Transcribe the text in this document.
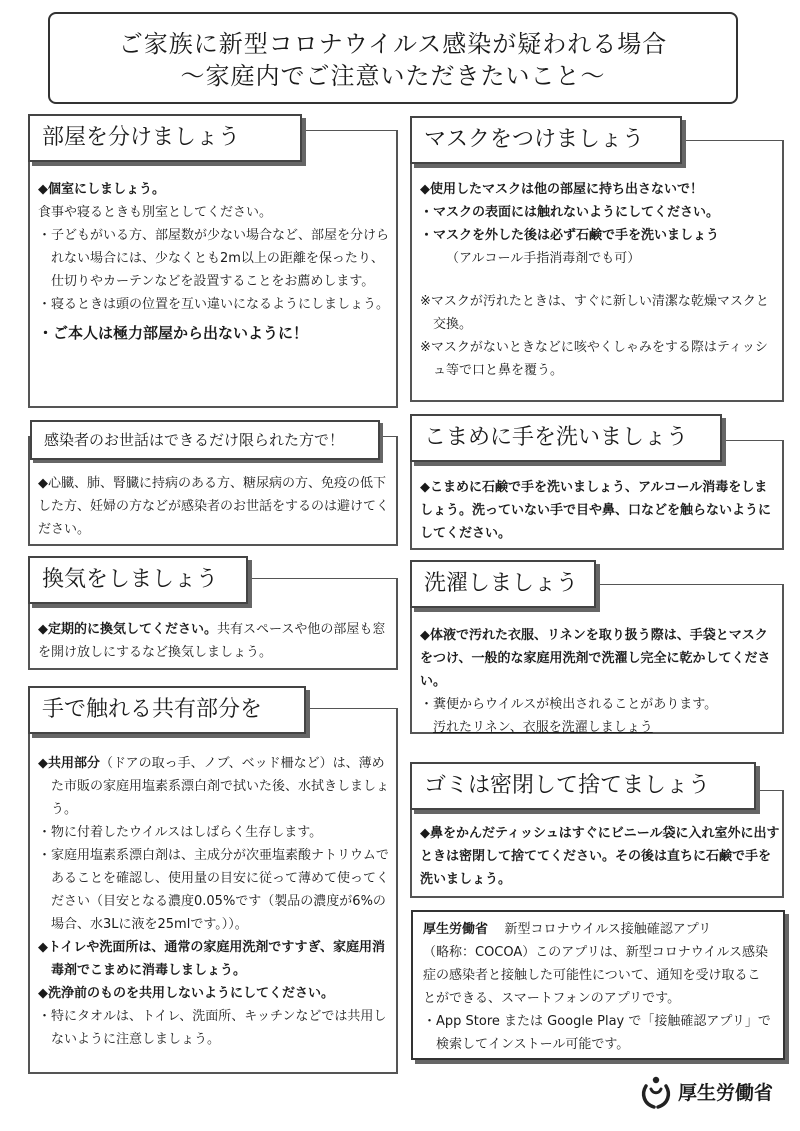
ご家族に新型コロナウイルス感染が疑われる場合
～家庭内でご注意いただきたいこと～
部屋を分けましょう

◆個室にしましょう。

食事や寝るときも別室としてください。

・子どもがいる方、部屋数が少ない場合など、部屋を分けられない場合には、少なくとも2m以上の距離を保ったり、仕切りやカーテンなどを設置することをお薦めします。

・寝るときは頭の位置を互い違いになるようにしましょう。

・ご本人は極力部屋から出ないように！

マスクをつけましょう

◆使用したマスクは他の部屋に持ち出さないで！

・マスクの表面には触れないようにしてください。

・マスクを外した後は必ず石鹸で手を洗いましょう

（アルコール手指消毒剤でも可）

※マスクが汚れたときは、すぐに新しい清潔な乾燥マスクと交換。

※マスクがないときなどに咳やくしゃみをする際はティッシュ等で口と鼻を覆う。

感染者のお世話はできるだけ限られた方で！

◆心臓、肺、腎臓に持病のある方、糖尿病の方、免疫の低下した方、妊婦の方などが感染者のお世話をするのは避けてください。

こまめに手を洗いましょう

◆こまめに石鹸で手を洗いましょう、アルコール消毒をしましょう。洗っていない手で目や鼻、口などを触らないようにしてください。

換気をしましょう

◆定期的に換気してください。共有スペースや他の部屋も窓を開け放しにするなど換気しましょう。

洗濯しましょう

◆体液で汚れた衣服、リネンを取り扱う際は、手袋とマスクをつけ、一般的な家庭用洗剤で洗濯し完全に乾かしてください。

・糞便からウイルスが検出されることがあります。

汚れたリネン、衣服を洗濯しましょう

手で触れる共有部分を

◆共用部分（ドアの取っ手、ノブ、ベッド柵など）は、薄めた市販の家庭用塩素系漂白剤で拭いた後、水拭きしましょう。

・物に付着したウイルスはしばらく生存します。

・家庭用塩素系漂白剤は、主成分が次亜塩素酸ナトリウムであることを確認し、使用量の目安に従って薄めて使ってください（目安となる濃度0.05%です（製品の濃度が6%の場合、水3Lに液を25mlです。））。

◆トイレや洗面所は、通常の家庭用洗剤ですすぎ、家庭用消毒剤でこまめに消毒しましょう。

◆洗浄前のものを共用しないようにしてください。

・特にタオルは、トイレ、洗面所、キッチンなどでは共用しないように注意しましょう。

ゴミは密閉して捨てましょう

◆鼻をかんだティッシュはすぐにビニール袋に入れ室外に出すときは密閉して捨ててください。その後は直ちに石鹸で手を洗いましょう。

厚生労働省 新型コロナウイルス接触確認アプリ

（略称：COCOA）このアプリは、新型コロナウイルス感染症の感染者と接触した可能性について、通知を受け取ることができる、スマートフォンのアプリです。

・App Store または Google Play で「接触確認アプリ」で検索してインストール可能です。

厚生労働省
